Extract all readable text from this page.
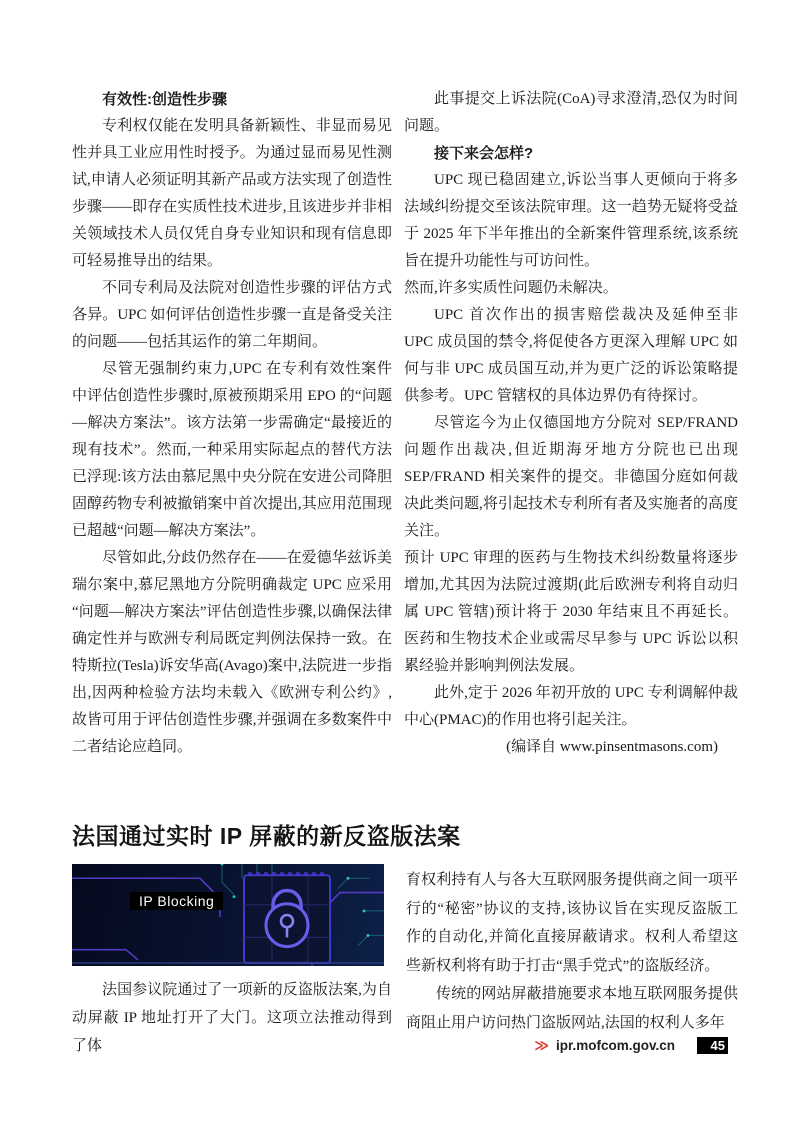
有效性:创造性步骤

专利权仅能在发明具备新颖性、非显而易见性并具工业应用性时授予。为通过显而易见性测试,申请人必须证明其新产品或方法实现了创造性步骤——即存在实质性技术进步,且该进步并非相关领域技术人员仅凭自身专业知识和现有信息即可轻易推导出的结果。

不同专利局及法院对创造性步骤的评估方式各异。UPC 如何评估创造性步骤一直是备受关注的问题——包括其运作的第二年期间。

尽管无强制约束力,UPC 在专利有效性案件中评估创造性步骤时,原被预期采用 EPO 的“问题—解决方案法”。该方法第一步需确定“最接近的现有技术”。然而,一种采用实际起点的替代方法已浮现:该方法由慕尼黑中央分院在安进公司降胆固醇药物专利被撤销案中首次提出,其应用范围现已超越“问题—解决方案法”。

尽管如此,分歧仍然存在——在爱德华兹诉美瑞尔案中,慕尼黑地方分院明确裁定 UPC 应采用“问题—解决方案法”评估创造性步骤,以确保法律确定性并与欧洲专利局既定判例法保持一致。在特斯拉(Tesla)诉安华高(Avago)案中,法院进一步指出,因两种检验方法均未载入《欧洲专利公约》,故皆可用于评估创造性步骤,并强调在多数案件中二者结论应趋同。

此事提交上诉法院(CoA)寻求澄清,恐仅为时间问题。

接下来会怎样?

UPC 现已稳固建立,诉讼当事人更倾向于将多法域纠纷提交至该法院审理。这一趋势无疑将受益于 2025 年下半年推出的全新案件管理系统,该系统旨在提升功能性与可访问性。

然而,许多实质性问题仍未解决。

UPC 首次作出的损害赔偿裁决及延伸至非 UPC 成员国的禁令,将促使各方更深入理解 UPC 如何与非 UPC 成员国互动,并为更广泛的诉讼策略提供参考。UPC 管辖权的具体边界仍有待探讨。

尽管迄今为止仅德国地方分院对 SEP/FRAND 问题作出裁决,但近期海牙地方分院也已出现 SEP/FRAND 相关案件的提交。非德国分庭如何裁决此类问题,将引起技术专利所有者及实施者的高度关注。

预计 UPC 审理的医药与生物技术纠纷数量将逐步增加,尤其因为法院过渡期(此后欧洲专利将自动归属 UPC 管辖)预计将于 2030 年结束且不再延长。医药和生物技术企业或需尽早参与 UPC 诉讼以积累经验并影响判例法发展。

此外,定于 2026 年初开放的 UPC 专利调解仲裁中心(PMAC)的作用也将引起关注。

(编译自 www.pinsentmasons.com)

法国通过实时 IP 屏蔽的新反盗版法案
IP Blocking

法国参议院通过了一项新的反盗版法案,为自动屏蔽 IP 地址打开了大门。这项立法推动得到了体

育权利持有人与各大互联网服务提供商之间一项平行的“秘密”协议的支持,该协议旨在实现反盗版工作的自动化,并简化直接屏蔽请求。权利人希望这些新权利将有助于打击“黑手党式”的盗版经济。

传统的网站屏蔽措施要求本地互联网服务提供商阻止用户访问热门盗版网站,法国的权利人多年

≫ ipr.mofcom.gov.cn	45
